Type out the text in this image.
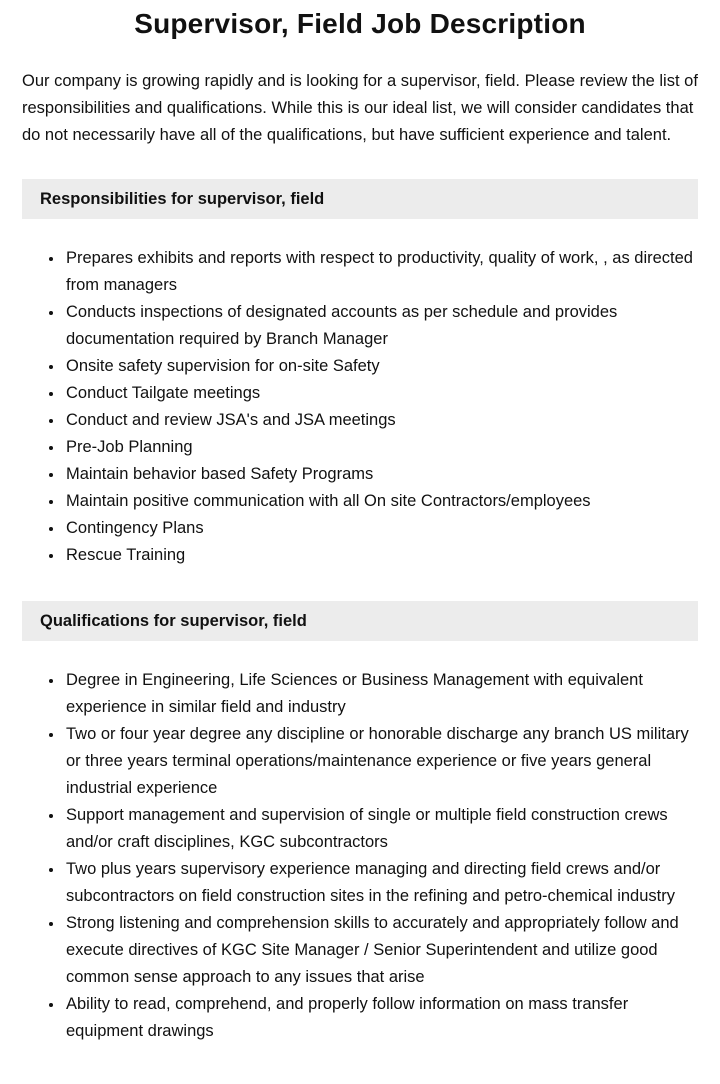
Supervisor, Field Job Description

Our company is growing rapidly and is looking for a supervisor, field. Please review the list of responsibilities and qualifications. While this is our ideal list, we will consider candidates that do not necessarily have all of the qualifications, but have sufficient experience and talent.

Responsibilities for supervisor, field
• Prepares exhibits and reports with respect to productivity, quality of work, , as directed from managers
• Conducts inspections of designated accounts as per schedule and provides documentation required by Branch Manager
• Onsite safety supervision for on-site Safety
• Conduct Tailgate meetings
• Conduct and review JSA's and JSA meetings
• Pre-Job Planning
• Maintain behavior based Safety Programs
• Maintain positive communication with all On site Contractors/employees
• Contingency Plans
• Rescue Training
Qualifications for supervisor, field
• Degree in Engineering, Life Sciences or Business Management with equivalent experience in similar field and industry
• Two or four year degree any discipline or honorable discharge any branch US military or three years terminal operations/maintenance experience or five years general industrial experience
• Support management and supervision of single or multiple field construction crews and/or craft disciplines, KGC subcontractors
• Two plus years supervisory experience managing and directing field crews and/or subcontractors on field construction sites in the refining and petro-chemical industry
• Strong listening and comprehension skills to accurately and appropriately follow and execute directives of KGC Site Manager / Senior Superintendent and utilize good common sense approach to any issues that arise
• Ability to read, comprehend, and properly follow information on mass transfer equipment drawings
